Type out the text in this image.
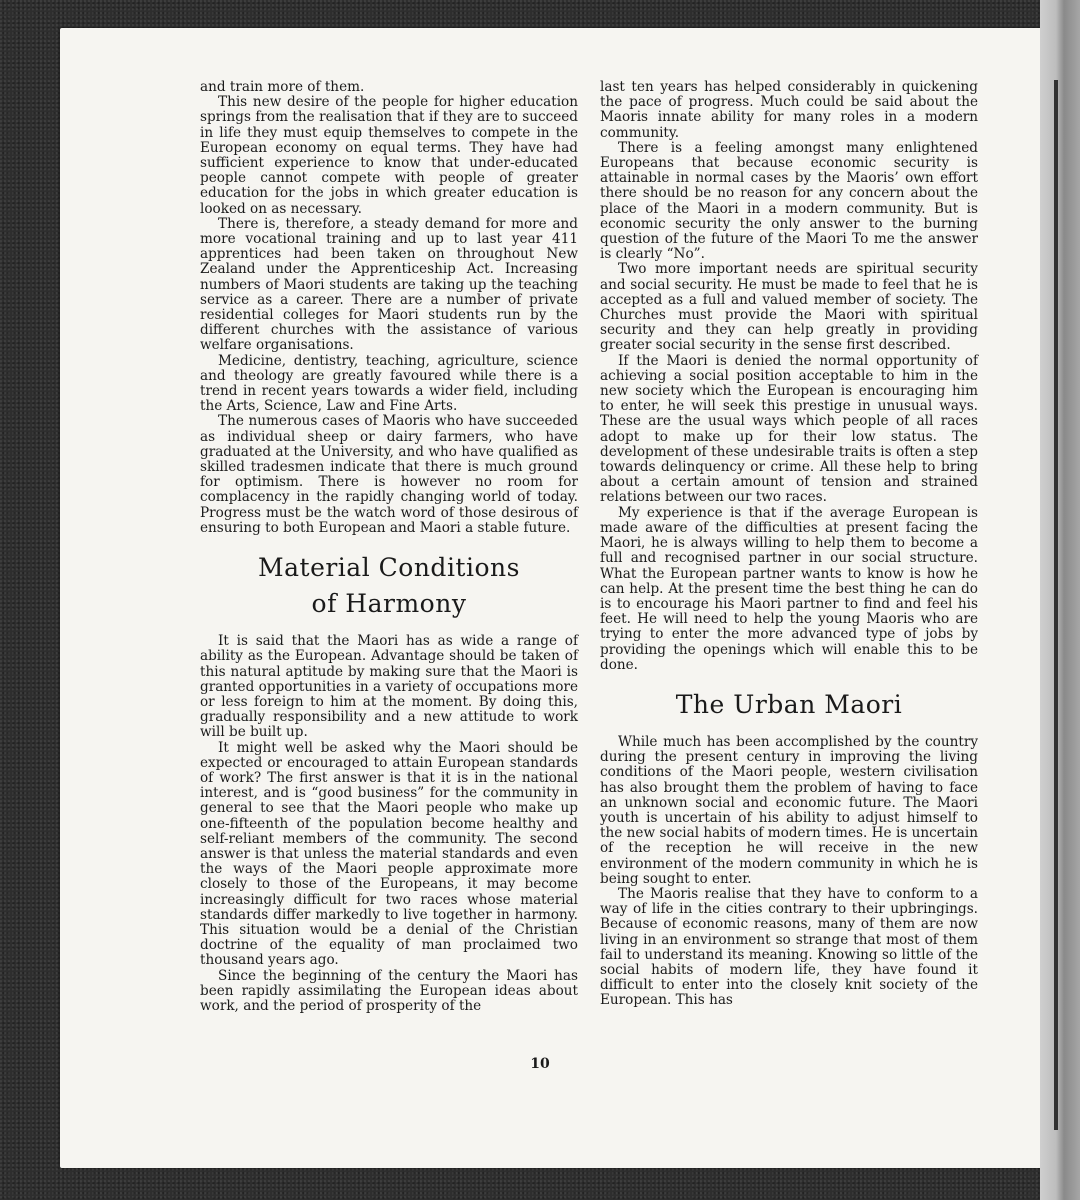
and train more of them.

This new desire of the people for higher education springs from the realisation that if they are to succeed in life they must equip themselves to compete in the European economy on equal terms. They have had sufficient experience to know that under-educated people cannot compete with people of greater education for the jobs in which greater education is looked on as necessary.

There is, therefore, a steady demand for more and more vocational training and up to last year 411 apprentices had been taken on throughout New Zealand under the Apprenticeship Act. Increasing numbers of Maori students are taking up the teaching service as a career. There are a number of private residential colleges for Maori students run by the different churches with the assistance of various welfare organisations.

Medicine, dentistry, teaching, agriculture, science and theology are greatly favoured while there is a trend in recent years towards a wider field, including the Arts, Science, Law and Fine Arts.

The numerous cases of Maoris who have succeeded as individual sheep or dairy farmers, who have graduated at the University, and who have qualified as skilled tradesmen indicate that there is much ground for optimism. There is however no room for complacency in the rapidly changing world of today. Progress must be the watch word of those desirous of ensuring to both European and Maori a stable future.

Material Conditions
of Harmony

It is said that the Maori has as wide a range of ability as the European. Advantage should be taken of this natural aptitude by making sure that the Maori is granted opportunities in a variety of occupations more or less foreign to him at the moment. By doing this, gradually responsibility and a new attitude to work will be built up.

It might well be asked why the Maori should be expected or encouraged to attain European standards of work? The first answer is that it is in the national interest, and is “good business” for the community in general to see that the Maori people who make up one-fifteenth of the population become healthy and self-reliant members of the community. The second answer is that unless the material standards and even the ways of the Maori people approximate more closely to those of the Europeans, it may become increasingly difficult for two races whose material standards differ markedly to live together in harmony. This situation would be a denial of the Christian doctrine of the equality of man proclaimed two thousand years ago.

Since the beginning of the century the Maori has been rapidly assimilating the European ideas about work, and the period of prosperity of the

last ten years has helped considerably in quickening the pace of progress. Much could be said about the Maoris innate ability for many roles in a modern community.

There is a feeling amongst many enlightened Europeans that because economic security is attainable in normal cases by the Maoris’ own effort there should be no reason for any concern about the place of the Maori in a modern community. But is economic security the only answer to the burning question of the future of the Maori To me the answer is clearly “No”.

Two more important needs are spiritual security and social security. He must be made to feel that he is accepted as a full and valued member of society. The Churches must provide the Maori with spiritual security and they can help greatly in providing greater social security in the sense first described.

If the Maori is denied the normal opportunity of achieving a social position acceptable to him in the new society which the European is encouraging him to enter, he will seek this prestige in unusual ways. These are the usual ways which people of all races adopt to make up for their low status. The development of these undesirable traits is often a step towards delinquency or crime. All these help to bring about a certain amount of tension and strained relations between our two races.

My experience is that if the average European is made aware of the difficulties at present facing the Maori, he is always willing to help them to become a full and recognised partner in our social structure. What the European partner wants to know is how he can help. At the present time the best thing he can do is to encourage his Maori partner to find and feel his feet. He will need to help the young Maoris who are trying to enter the more advanced type of jobs by providing the openings which will enable this to be done.

The Urban Maori

While much has been accomplished by the country during the present century in improving the living conditions of the Maori people, western civilisation has also brought them the problem of having to face an unknown social and economic future. The Maori youth is uncertain of his ability to adjust himself to the new social habits of modern times. He is uncertain of the reception he will receive in the new environment of the modern community in which he is being sought to enter.

The Maoris realise that they have to conform to a way of life in the cities contrary to their upbringings. Because of economic reasons, many of them are now living in an environment so strange that most of them fail to understand its meaning. Knowing so little of the social habits of modern life, they have found it difficult to enter into the closely knit society of the European. This has

10
